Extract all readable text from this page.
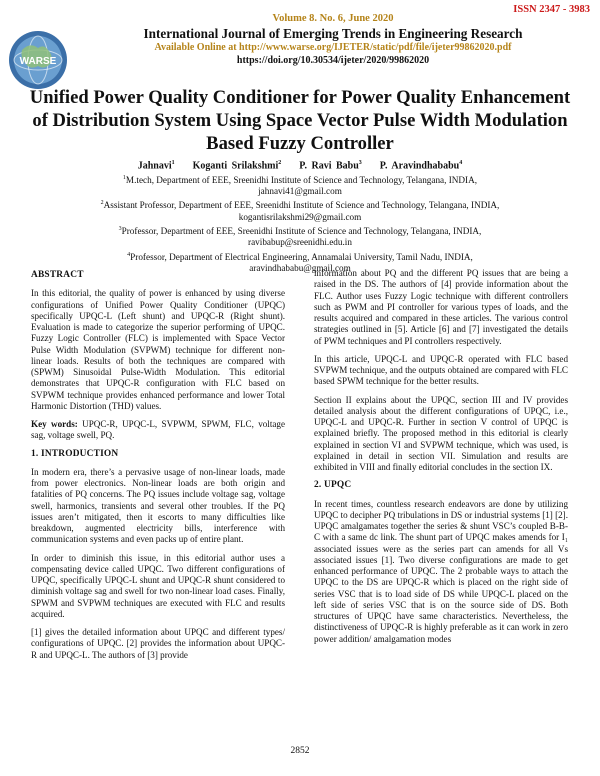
ISSN 2347 - 3983
WARSE
Volume 8. No. 6, June 2020
International Journal of Emerging Trends in Engineering Research
Available Online at http://www.warse.org/IJETER/static/pdf/file/ijeter99862020.pdf
https://doi.org/10.30534/ijeter/2020/99862020
Unified Power Quality Conditioner for Power Quality Enhancement of Distribution System Using Space Vector Pulse Width Modulation Based Fuzzy Controller
Jahnavi$^1$ Koganti Srilakshmi$^2$ P. Ravi Babu$^3$ P. Aravindhababu$^4$
$^1$M.tech, Department of EEE, Sreenidhi Institute of Science and Technology, Telangana, INDIA,
jahnavi41@gmail.com
$^2$Assistant Professor, Department of EEE, Sreenidhi Institute of Science and Technology, Telangana, INDIA,
kogantisrilakshmi29@gmail.com
$^3$Professor, Department of EEE, Sreenidhi Institute of Science and Technology, Telangana, INDIA,
ravibabup@sreenidhi.edu.in
$^4$Professor, Department of Electrical Engineering, Annamalai University, Tamil Nadu, INDIA,
aravindhababu@gmail.com
ABSTRACT

In this editorial, the quality of power is enhanced by using diverse configurations of Unified Power Quality Conditioner (UPQC) specifically UPQC-L (Left shunt) and UPQC-R (Right shunt). Evaluation is made to categorize the superior performing of UPQC. Fuzzy Logic Controller (FLC) is implemented with Space Vector Pulse Width Modulation (SVPWM) technique for different non-linear loads. Results of both the techniques are compared with (SPWM) Sinusoidal Pulse-Width Modulation. This editorial demonstrates that UPQC-R configuration with FLC based on SVPWM technique provides enhanced performance and lower Total Harmonic Distortion (THD) values.

Key words: UPQC-R, UPQC-L, SVPWM, SPWM, FLC, voltage sag, voltage swell, PQ.

1. INTRODUCTION

In modern era, there’s a pervasive usage of non-linear loads, made from power electronics. Non-linear loads are both origin and fatalities of PQ concerns. The PQ issues include voltage sag, voltage swell, harmonics, transients and several other troubles. If the PQ issues aren’t mitigated, then it escorts to many difficulties like breakdown, augmented electricity bills, interference with communication systems and even packs up of entire plant.

In order to diminish this issue, in this editorial author uses a compensating device called UPQC. Two different configurations of UPQC, specifically UPQC-L shunt and UPQC-R shunt considered to diminish voltage sag and swell for two non-linear load cases. Finally, SPWM and SVPWM techniques are executed with FLC and results acquired.

[1] gives the detailed information about UPQC and different types/ configurations of UPQC. [2] provides the information about UPQC-R and UPQC-L. The authors of [3] provide

information about PQ and the different PQ issues that are being a raised in the DS. The authors of [4] provide information about the FLC. Author uses Fuzzy Logic technique with different controllers such as PWM and PI controller for various types of loads, and the results acquired and compared in these articles. The various control strategies outlined in [5]. Article [6] and [7] investigated the details of PWM techniques and PI controllers respectively.

In this article, UPQC-L and UPQC-R operated with FLC based SVPWM technique, and the outputs obtained are compared with FLC based SPWM technique for the better results.

Section II explains about the UPQC, section III and IV provides detailed analysis about the different configurations of UPQC, i.e., UPQC-L and UPQC-R. Further in section V control of UPQC is explained briefly. The proposed method in this editorial is clearly explained in section VI and SVPWM technique, which was used, is explained in detail in section VII. Simulation and results are exhibited in VIII and finally editorial concludes in the section IX.

2. UPQC

In recent times, countless research endeavors are done by utilizing UPQC to decipher PQ tribulations in DS or industrial systems [1] [2]. UPQC amalgamates together the series & shunt VSC’s coupled B-B-C with a same dc link. The shunt part of UPQC makes amends for I₁ associated issues were as the series part can amends for all Vs associated issues [1]. Two diverse configurations are made to get enhanced performance of UPQC. The 2 probable ways to attach the UPQC to the DS are UPQC-R which is placed on the right side of series VSC that is to load side of DS while UPQC-L placed on the left side of series VSC that is on the source side of DS. Both structures of UPQC have same characteristics. Nevertheless, the distinctiveness of UPQC-R is highly preferable as it can work in zero power addition/ amalgamation modes

2852
